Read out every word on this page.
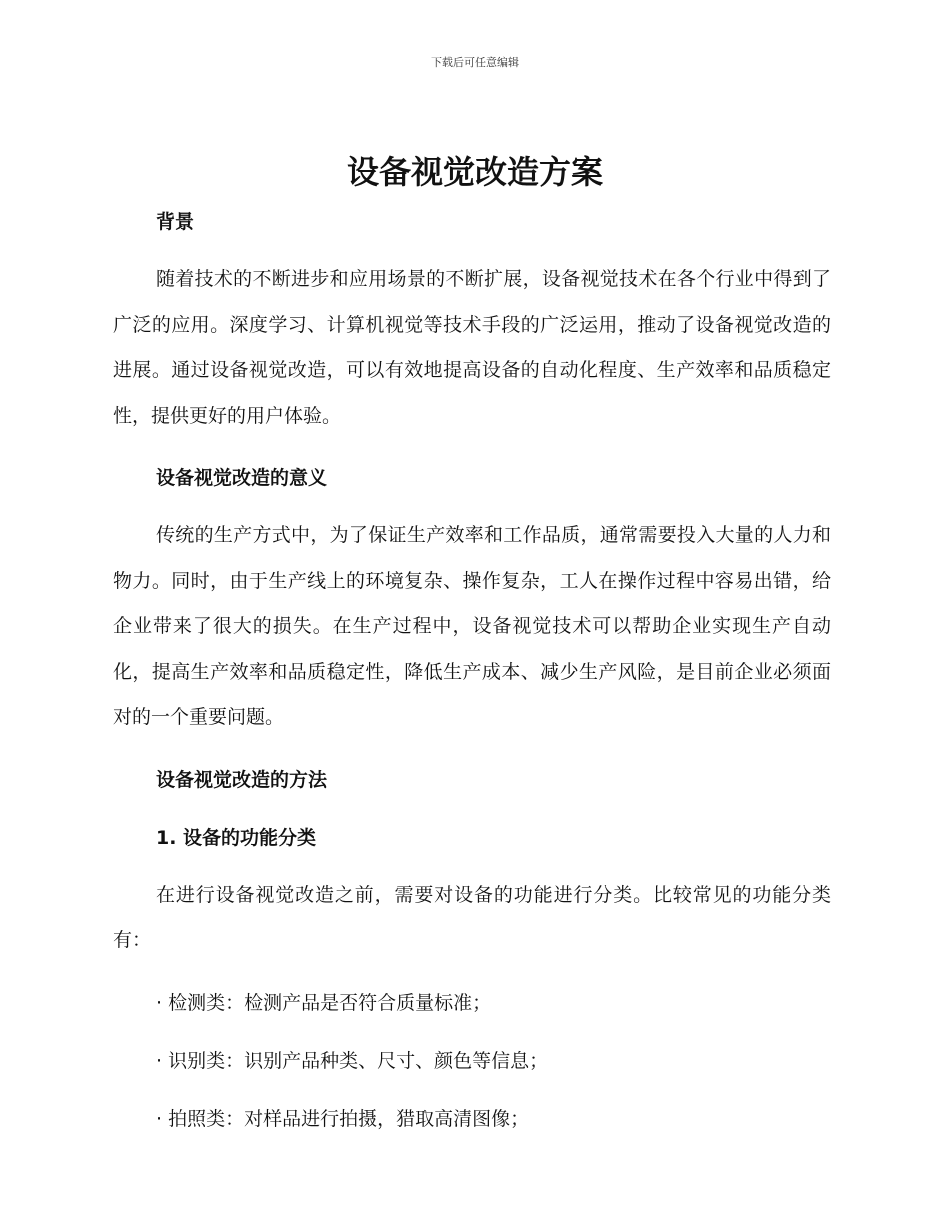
下载后可任意编辑
设备视觉改造方案
背景

随着技术的不断进步和应用场景的不断扩展，设备视觉技术在各个行业中得到了广泛的应用。深度学习、计算机视觉等技术手段的广泛运用，推动了设备视觉改造的进展。通过设备视觉改造，可以有效地提高设备的自动化程度、生产效率和品质稳定性，提供更好的用户体验。

设备视觉改造的意义

传统的生产方式中，为了保证生产效率和工作品质，通常需要投入大量的人力和物力。同时，由于生产线上的环境复杂、操作复杂，工人在操作过程中容易出错，给企业带来了很大的损失。在生产过程中，设备视觉技术可以帮助企业实现生产自动化，提高生产效率和品质稳定性，降低生产成本、减少生产风险，是目前企业必须面对的一个重要问题。

设备视觉改造的方法
1. 设备的功能分类

在进行设备视觉改造之前，需要对设备的功能进行分类。比较常见的功能分类有：

· 检测类：检测产品是否符合质量标准；

· 识别类：识别产品种类、尺寸、颜色等信息；

· 拍照类：对样品进行拍摄，猎取高清图像；
